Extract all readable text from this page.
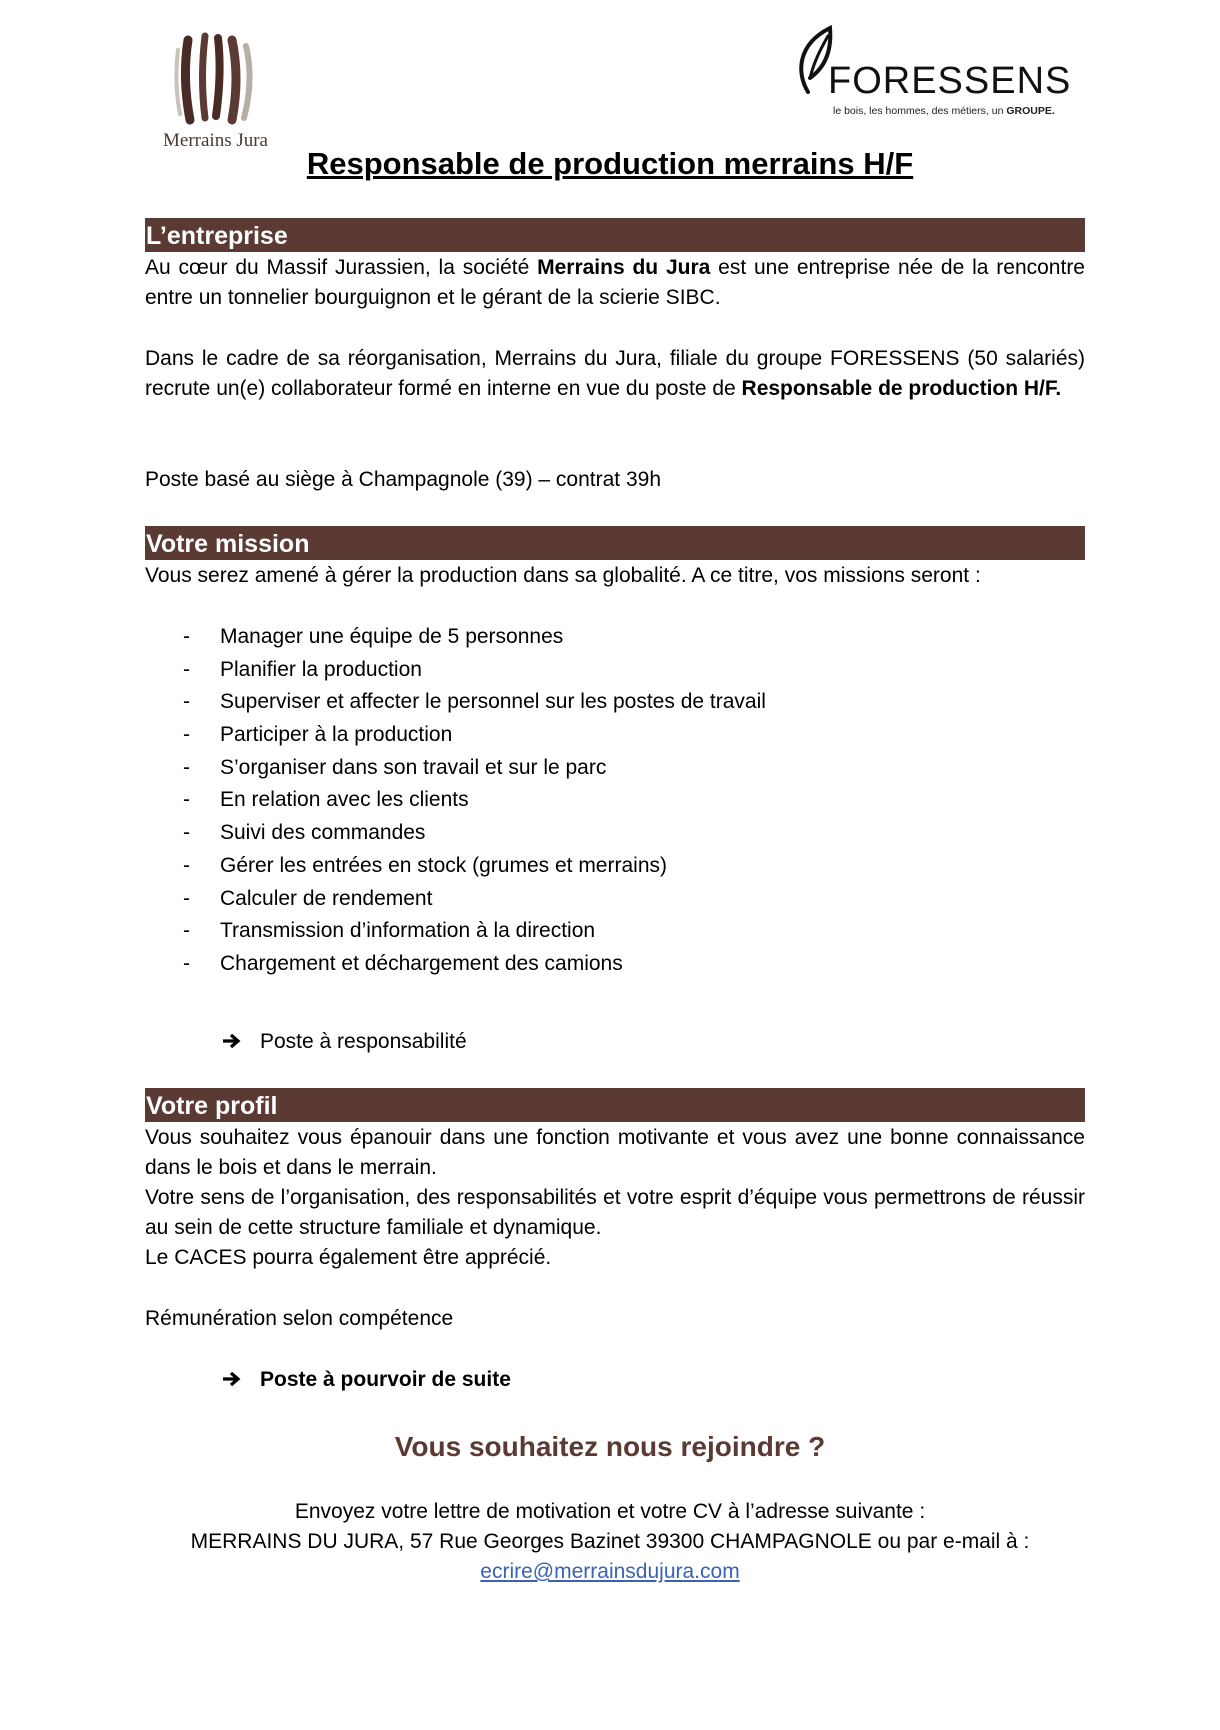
Merrains Jura
FORESSENS
le bois, les hommes, des métiers, un GROUPE.
Responsable de production merrains H/F
L’entreprise
Au cœur du Massif Jurassien, la société Merrains du Jura est une entreprise née de la rencontre entre un tonnelier bourguignon et le gérant de la scierie SIBC.
Dans le cadre de sa réorganisation, Merrains du Jura, filiale du groupe FORESSENS (50 salariés) recrute un(e) collaborateur formé en interne en vue du poste de Responsable de production H/F.
Poste basé au siège à Champagnole (39) – contrat 39h
Votre mission
Vous serez amené à gérer la production dans sa globalité. A ce titre, vos missions seront :
- Manager une équipe de 5 personnes
- Planifier la production
- Superviser et affecter le personnel sur les postes de travail
- Participer à la production
- S’organiser dans son travail et sur le parc
- En relation avec les clients
- Suivi des commandes
- Gérer les entrées en stock (grumes et merrains)
- Calculer de rendement
- Transmission d’information à la direction
- Chargement et déchargement des camions
Poste à responsabilité
Votre profil
Vous souhaitez vous épanouir dans une fonction motivante et vous avez une bonne connaissance dans le bois et dans le merrain.
Votre sens de l’organisation, des responsabilités et votre esprit d’équipe vous permettrons de réussir au sein de cette structure familiale et dynamique.
Le CACES pourra également être apprécié.
Rémunération selon compétence
Poste à pourvoir de suite
Vous souhaitez nous rejoindre ?
Envoyez votre lettre de motivation et votre CV à l’adresse suivante :
MERRAINS DU JURA, 57 Rue Georges Bazinet 39300 CHAMPAGNOLE ou par e-mail à :
ecrire@merrainsdujura.com
